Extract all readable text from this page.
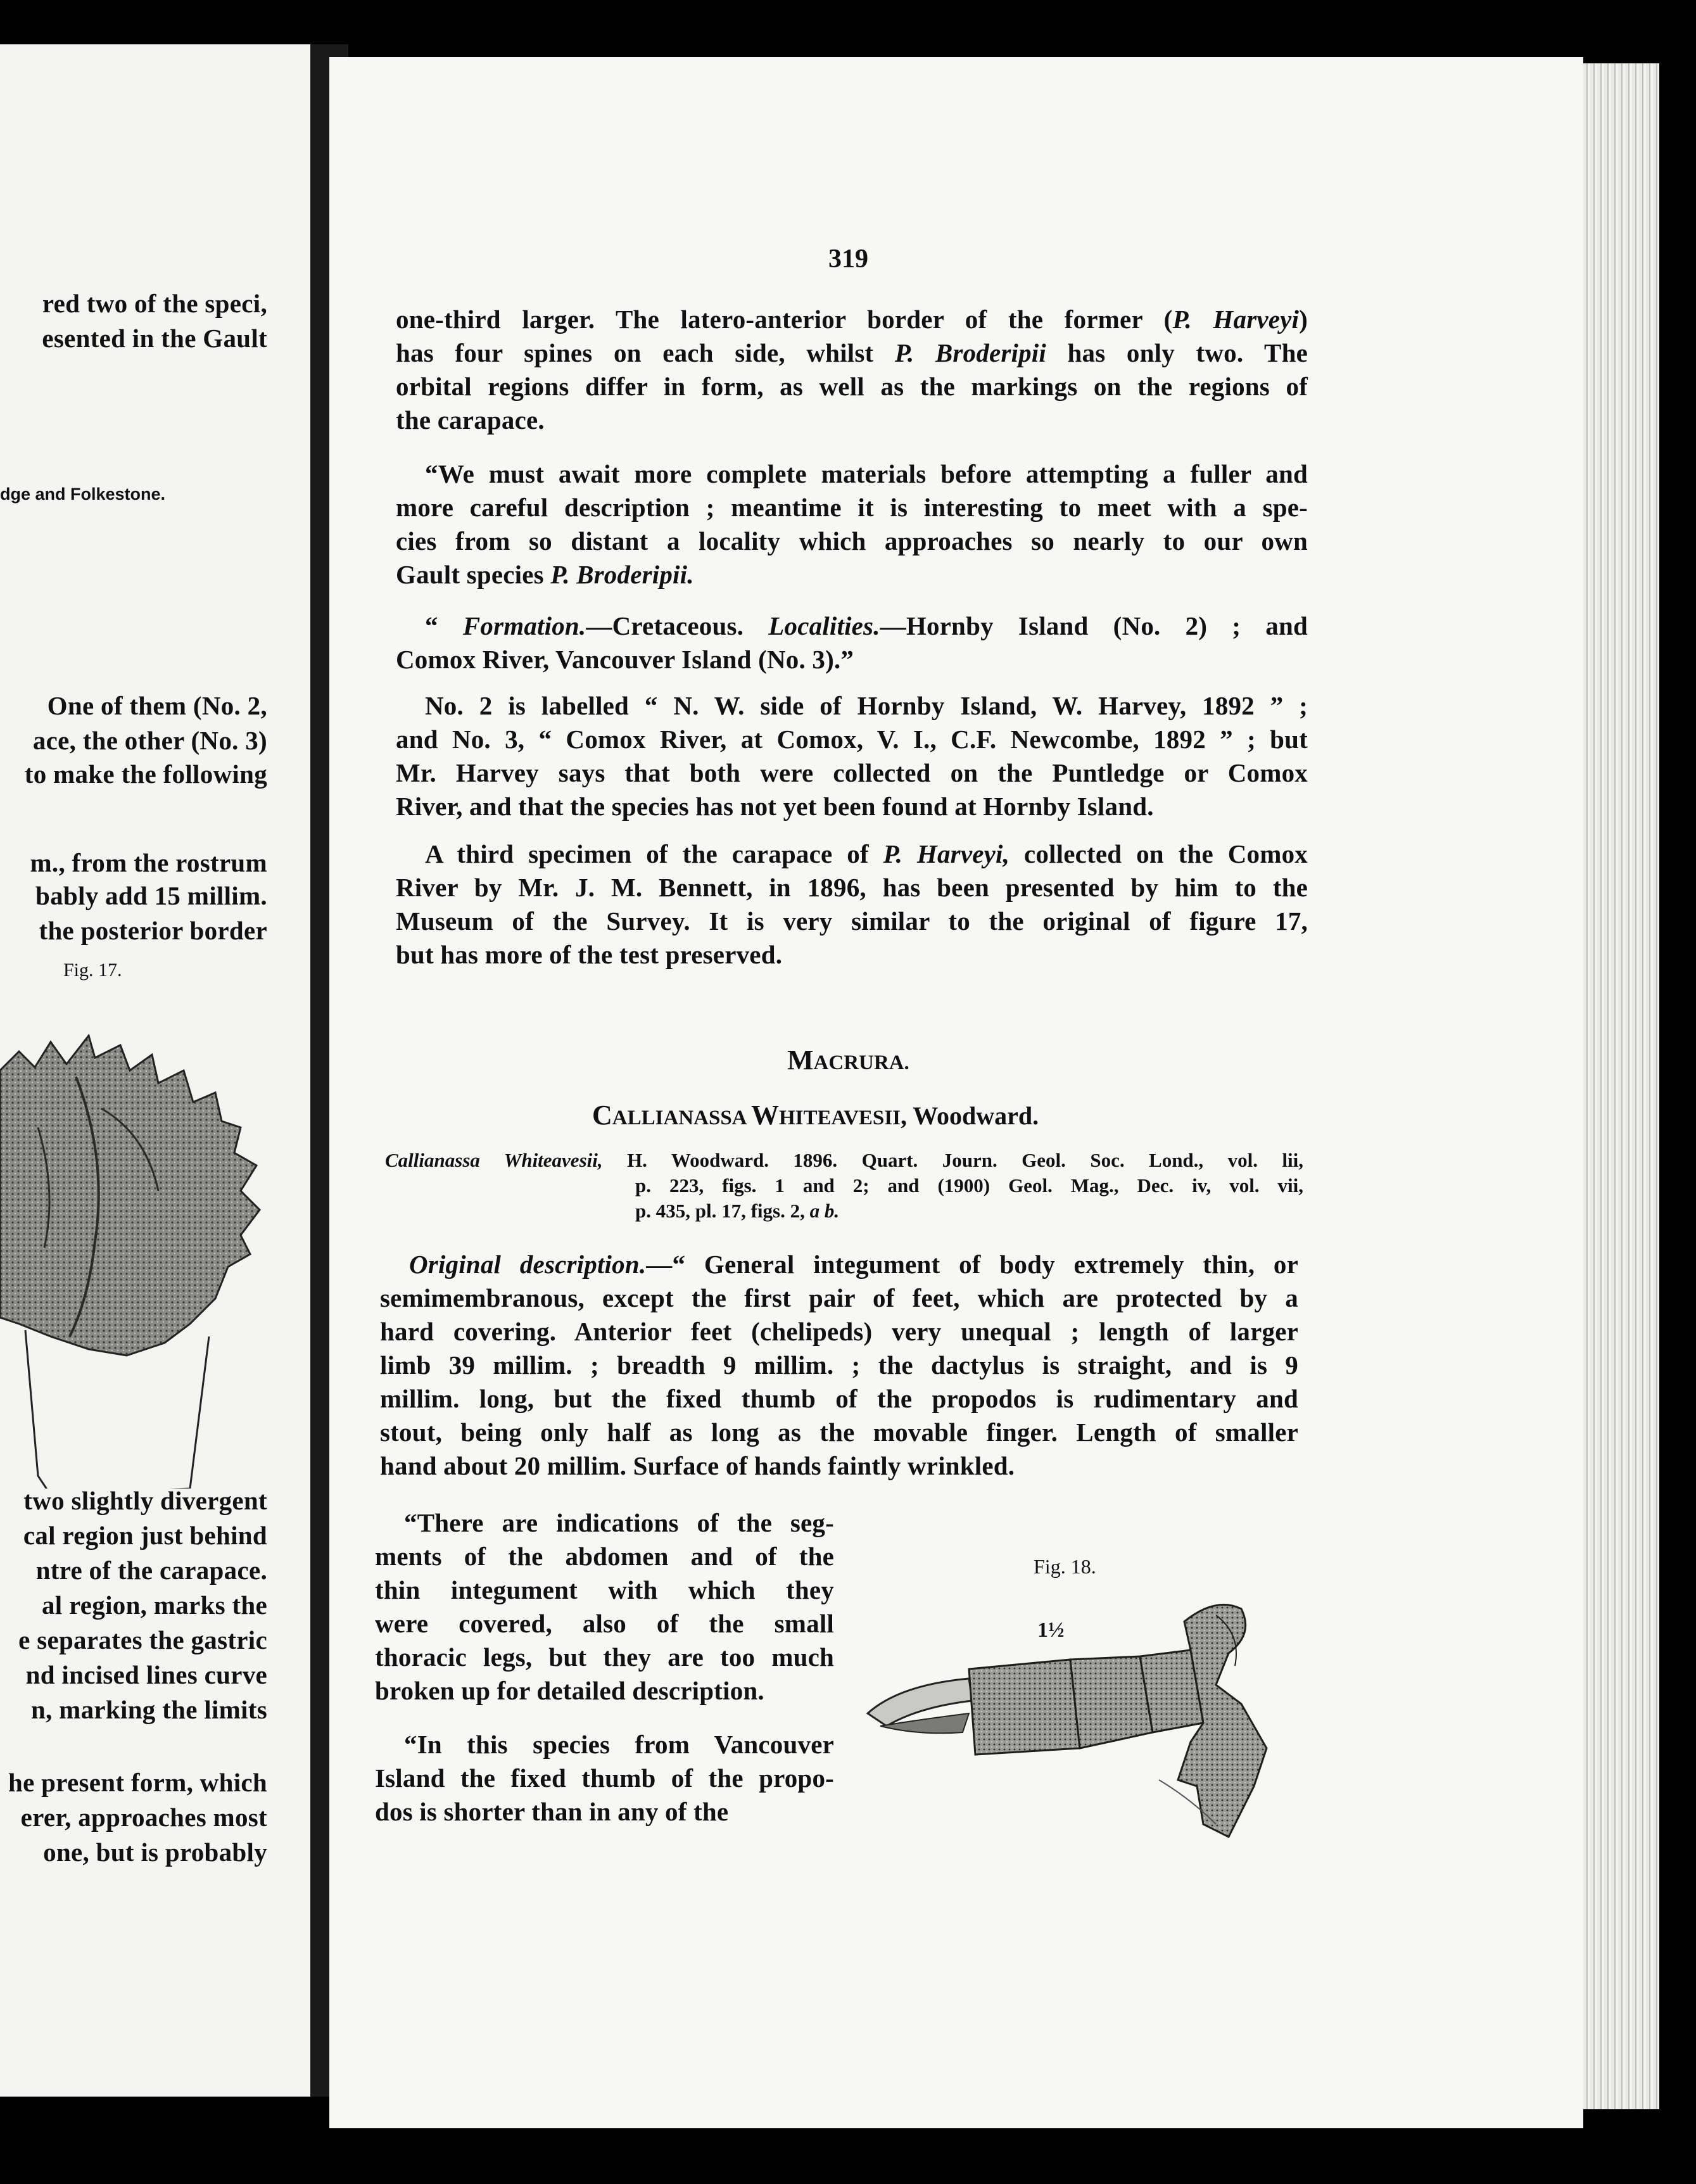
red two of the speci,
esented in the Gault
dge and Folkestone.
One of them (No. 2,
ace, the other (No. 3)
to make the following
m., from the rostrum
bably add 15 millim.
the posterior border
Fig. 17.
two slightly divergent
cal region just behind
ntre of the carapace.
al region, marks the
e separates the gastric
nd incised lines curve
n, marking the limits
he present form, which
erer, approaches most
one, but is probably
319
one-third larger. The latero-anterior border of the former (P. Harveyi)
has four spines on each side, whilst P. Broderipii has only two. The
orbital regions differ in form, as well as the markings on the regions of
the carapace.
“We must await more complete materials before attempting a fuller and
more careful description ; meantime it is interesting to meet with a spe-
cies from so distant a locality which approaches so nearly to our own
Gault species P. Broderipii.
“ Formation.—Cretaceous. Localities.—Hornby Island (No. 2) ; and
Comox River, Vancouver Island (No. 3).”
No. 2 is labelled “ N. W. side of Hornby Island, W. Harvey, 1892 ” ;
and No. 3, “ Comox River, at Comox, V. I., C.F. Newcombe, 1892 ” ; but
Mr. Harvey says that both were collected on the Puntledge or Comox
River, and that the species has not yet been found at Hornby Island.
A third specimen of the carapace of P. Harveyi, collected on the Comox
River by Mr. J. M. Bennett, in 1896, has been presented by him to the
Museum of the Survey. It is very similar to the original of figure 17,
but has more of the test preserved.
MACRURA.
CALLIANASSA WHITEAVESII, Woodward.
Callianassa Whiteavesii, H. Woodward. 1896. Quart. Journ. Geol. Soc. Lond., vol. lii,
p. 223, figs. 1 and 2; and (1900) Geol. Mag., Dec. iv, vol. vii,
p. 435, pl. 17, figs. 2, a b.
Original description.—“ General integument of body extremely thin, or
semimembranous, except the first pair of feet, which are protected by a
hard covering. Anterior feet (chelipeds) very unequal ; length of larger
limb 39 millim. ; breadth 9 millim. ; the dactylus is straight, and is 9
millim. long, but the fixed thumb of the propodos is rudimentary and
stout, being only half as long as the movable finger. Length of smaller
hand about 20 millim. Surface of hands faintly wrinkled.
“There are indications of the seg-
ments of the abdomen and of the
thin integument with which they
were covered, also of the small
thoracic legs, but they are too much
broken up for detailed description.
“In this species from Vancouver
Island the fixed thumb of the propo-
dos is shorter than in any of the
Fig. 18.
1½
